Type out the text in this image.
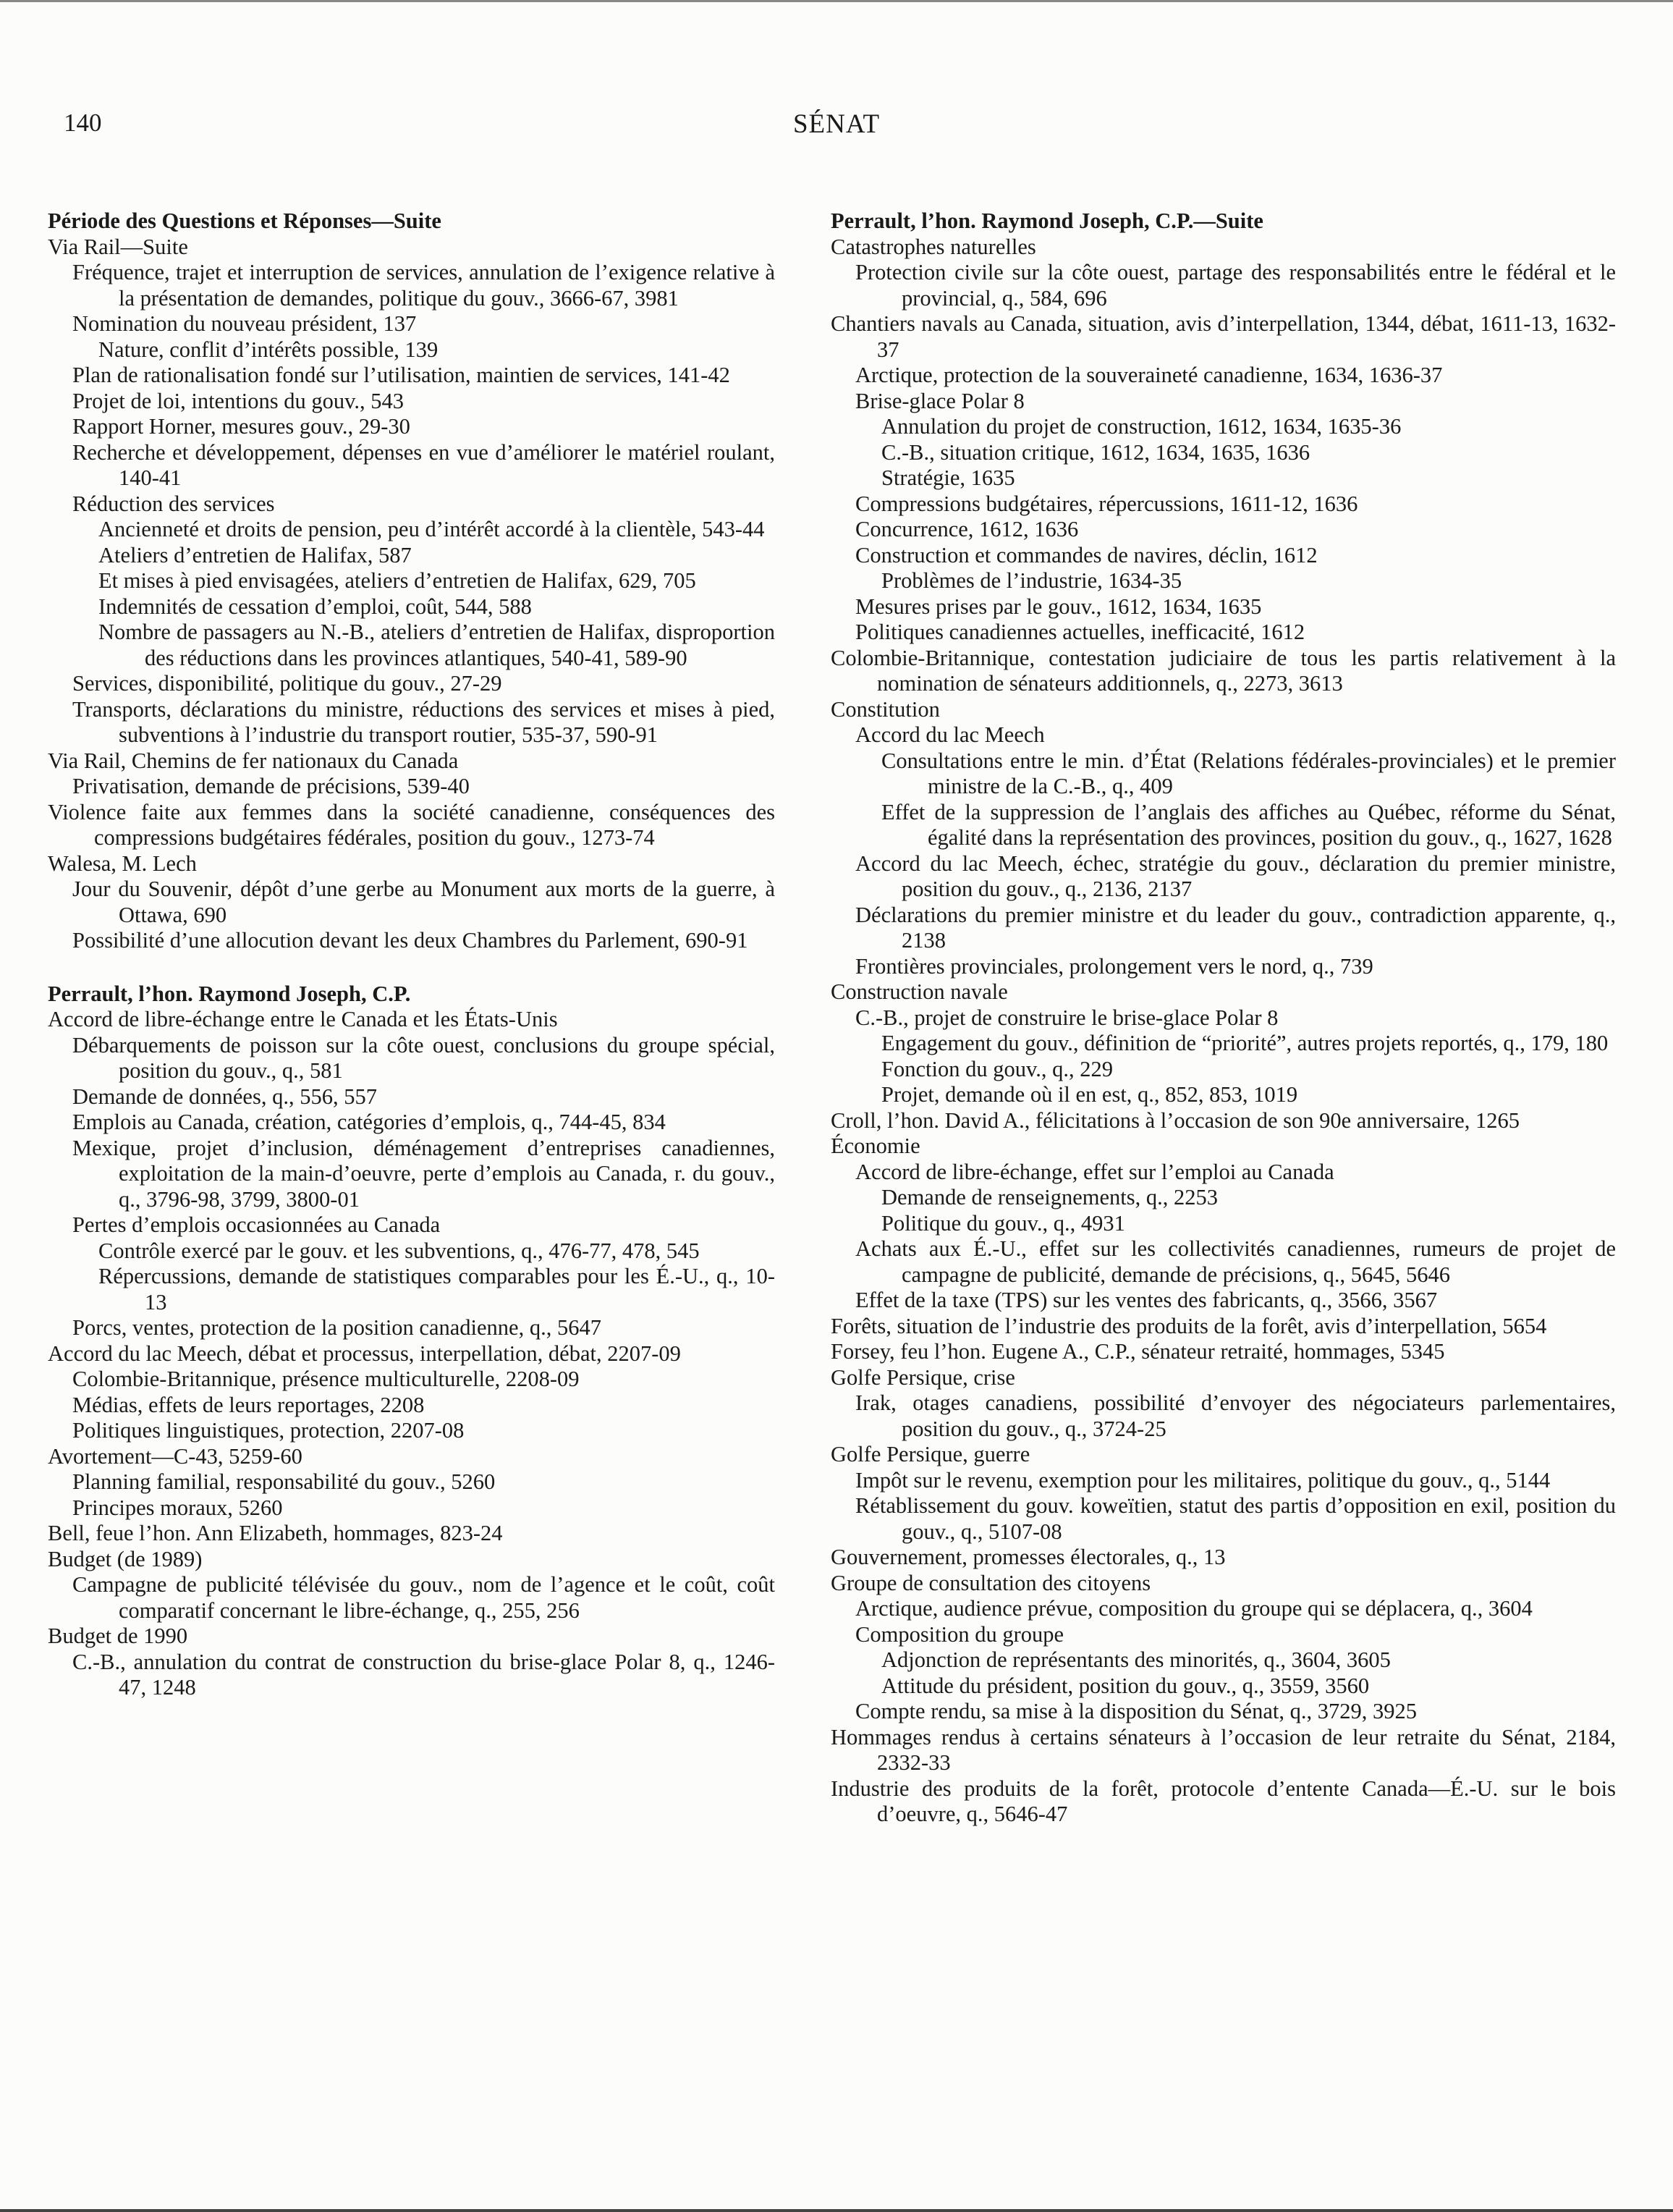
140	SÉNAT
Période des Questions et Réponses—Suite
Via Rail—Suite
Fréquence, trajet et interruption de services, annulation de l’exigence relative à la présentation de demandes, politique du gouv., 3666-67, 3981
Nomination du nouveau président, 137
Nature, conflit d’intérêts possible, 139
Plan de rationalisation fondé sur l’utilisation, maintien de services, 141-42
Projet de loi, intentions du gouv., 543
Rapport Horner, mesures gouv., 29-30
Recherche et développement, dépenses en vue d’améliorer le matériel roulant, 140-41
Réduction des services
Ancienneté et droits de pension, peu d’intérêt accordé à la clientèle, 543-44
Ateliers d’entretien de Halifax, 587
Et mises à pied envisagées, ateliers d’entretien de Halifax, 629, 705
Indemnités de cessation d’emploi, coût, 544, 588
Nombre de passagers au N.-B., ateliers d’entretien de Halifax, disproportion des réductions dans les provinces atlantiques, 540-41, 589-90
Services, disponibilité, politique du gouv., 27-29
Transports, déclarations du ministre, réductions des services et mises à pied, subventions à l’industrie du transport routier, 535-37, 590-91
Via Rail, Chemins de fer nationaux du Canada
Privatisation, demande de précisions, 539-40
Violence faite aux femmes dans la société canadienne, conséquences des compressions budgétaires fédérales, position du gouv., 1273-74
Walesa, M. Lech
Jour du Souvenir, dépôt d’une gerbe au Monument aux morts de la guerre, à Ottawa, 690
Possibilité d’une allocution devant les deux Chambres du Parlement, 690-91
Perrault, l’hon. Raymond Joseph, C.P.
Accord de libre-échange entre le Canada et les États-Unis
Débarquements de poisson sur la côte ouest, conclusions du groupe spécial, position du gouv., q., 581
Demande de données, q., 556, 557
Emplois au Canada, création, catégories d’emplois, q., 744-45, 834
Mexique, projet d’inclusion, déménagement d’entreprises canadiennes, exploitation de la main-d’oeuvre, perte d’emplois au Canada, r. du gouv., q., 3796-98, 3799, 3800-01
Pertes d’emplois occasionnées au Canada
Contrôle exercé par le gouv. et les subventions, q., 476-77, 478, 545
Répercussions, demande de statistiques comparables pour les É.-U., q., 10-13
Porcs, ventes, protection de la position canadienne, q., 5647
Accord du lac Meech, débat et processus, interpellation, débat, 2207-09
Colombie-Britannique, présence multiculturelle, 2208-09
Médias, effets de leurs reportages, 2208
Politiques linguistiques, protection, 2207-08
Avortement—C-43, 5259-60
Planning familial, responsabilité du gouv., 5260
Principes moraux, 5260
Bell, feue l’hon. Ann Elizabeth, hommages, 823-24
Budget (de 1989)
Campagne de publicité télévisée du gouv., nom de l’agence et le coût, coût comparatif concernant le libre-échange, q., 255, 256
Budget de 1990
C.-B., annulation du contrat de construction du brise-glace Polar 8, q., 1246-47, 1248
Perrault, l’hon. Raymond Joseph, C.P.—Suite
Catastrophes naturelles
Protection civile sur la côte ouest, partage des responsabilités entre le fédéral et le provincial, q., 584, 696
Chantiers navals au Canada, situation, avis d’interpellation, 1344, débat, 1611-13, 1632-37
Arctique, protection de la souveraineté canadienne, 1634, 1636-37
Brise-glace Polar 8
Annulation du projet de construction, 1612, 1634, 1635-36
C.-B., situation critique, 1612, 1634, 1635, 1636
Stratégie, 1635
Compressions budgétaires, répercussions, 1611-12, 1636
Concurrence, 1612, 1636
Construction et commandes de navires, déclin, 1612
Problèmes de l’industrie, 1634-35
Mesures prises par le gouv., 1612, 1634, 1635
Politiques canadiennes actuelles, inefficacité, 1612
Colombie-Britannique, contestation judiciaire de tous les partis relativement à la nomination de sénateurs additionnels, q., 2273, 3613
Constitution
Accord du lac Meech
Consultations entre le min. d’État (Relations fédérales-provinciales) et le premier ministre de la C.-B., q., 409
Effet de la suppression de l’anglais des affiches au Québec, réforme du Sénat, égalité dans la représentation des provinces, position du gouv., q., 1627, 1628
Accord du lac Meech, échec, stratégie du gouv., déclaration du premier ministre, position du gouv., q., 2136, 2137
Déclarations du premier ministre et du leader du gouv., contradiction apparente, q., 2138
Frontières provinciales, prolongement vers le nord, q., 739
Construction navale
C.-B., projet de construire le brise-glace Polar 8
Engagement du gouv., définition de “priorité”, autres projets reportés, q., 179, 180
Fonction du gouv., q., 229
Projet, demande où il en est, q., 852, 853, 1019
Croll, l’hon. David A., félicitations à l’occasion de son 90e anniversaire, 1265
Économie
Accord de libre-échange, effet sur l’emploi au Canada
Demande de renseignements, q., 2253
Politique du gouv., q., 4931
Achats aux É.-U., effet sur les collectivités canadiennes, rumeurs de projet de campagne de publicité, demande de précisions, q., 5645, 5646
Effet de la taxe (TPS) sur les ventes des fabricants, q., 3566, 3567
Forêts, situation de l’industrie des produits de la forêt, avis d’interpellation, 5654
Forsey, feu l’hon. Eugene A., C.P., sénateur retraité, hommages, 5345
Golfe Persique, crise
Irak, otages canadiens, possibilité d’envoyer des négociateurs parlementaires, position du gouv., q., 3724-25
Golfe Persique, guerre
Impôt sur le revenu, exemption pour les militaires, politique du gouv., q., 5144
Rétablissement du gouv. koweïtien, statut des partis d’opposition en exil, position du gouv., q., 5107-08
Gouvernement, promesses électorales, q., 13
Groupe de consultation des citoyens
Arctique, audience prévue, composition du groupe qui se déplacera, q., 3604
Composition du groupe
Adjonction de représentants des minorités, q., 3604, 3605
Attitude du président, position du gouv., q., 3559, 3560
Compte rendu, sa mise à la disposition du Sénat, q., 3729, 3925
Hommages rendus à certains sénateurs à l’occasion de leur retraite du Sénat, 2184, 2332-33
Industrie des produits de la forêt, protocole d’entente Canada—É.-U. sur le bois d’oeuvre, q., 5646-47
